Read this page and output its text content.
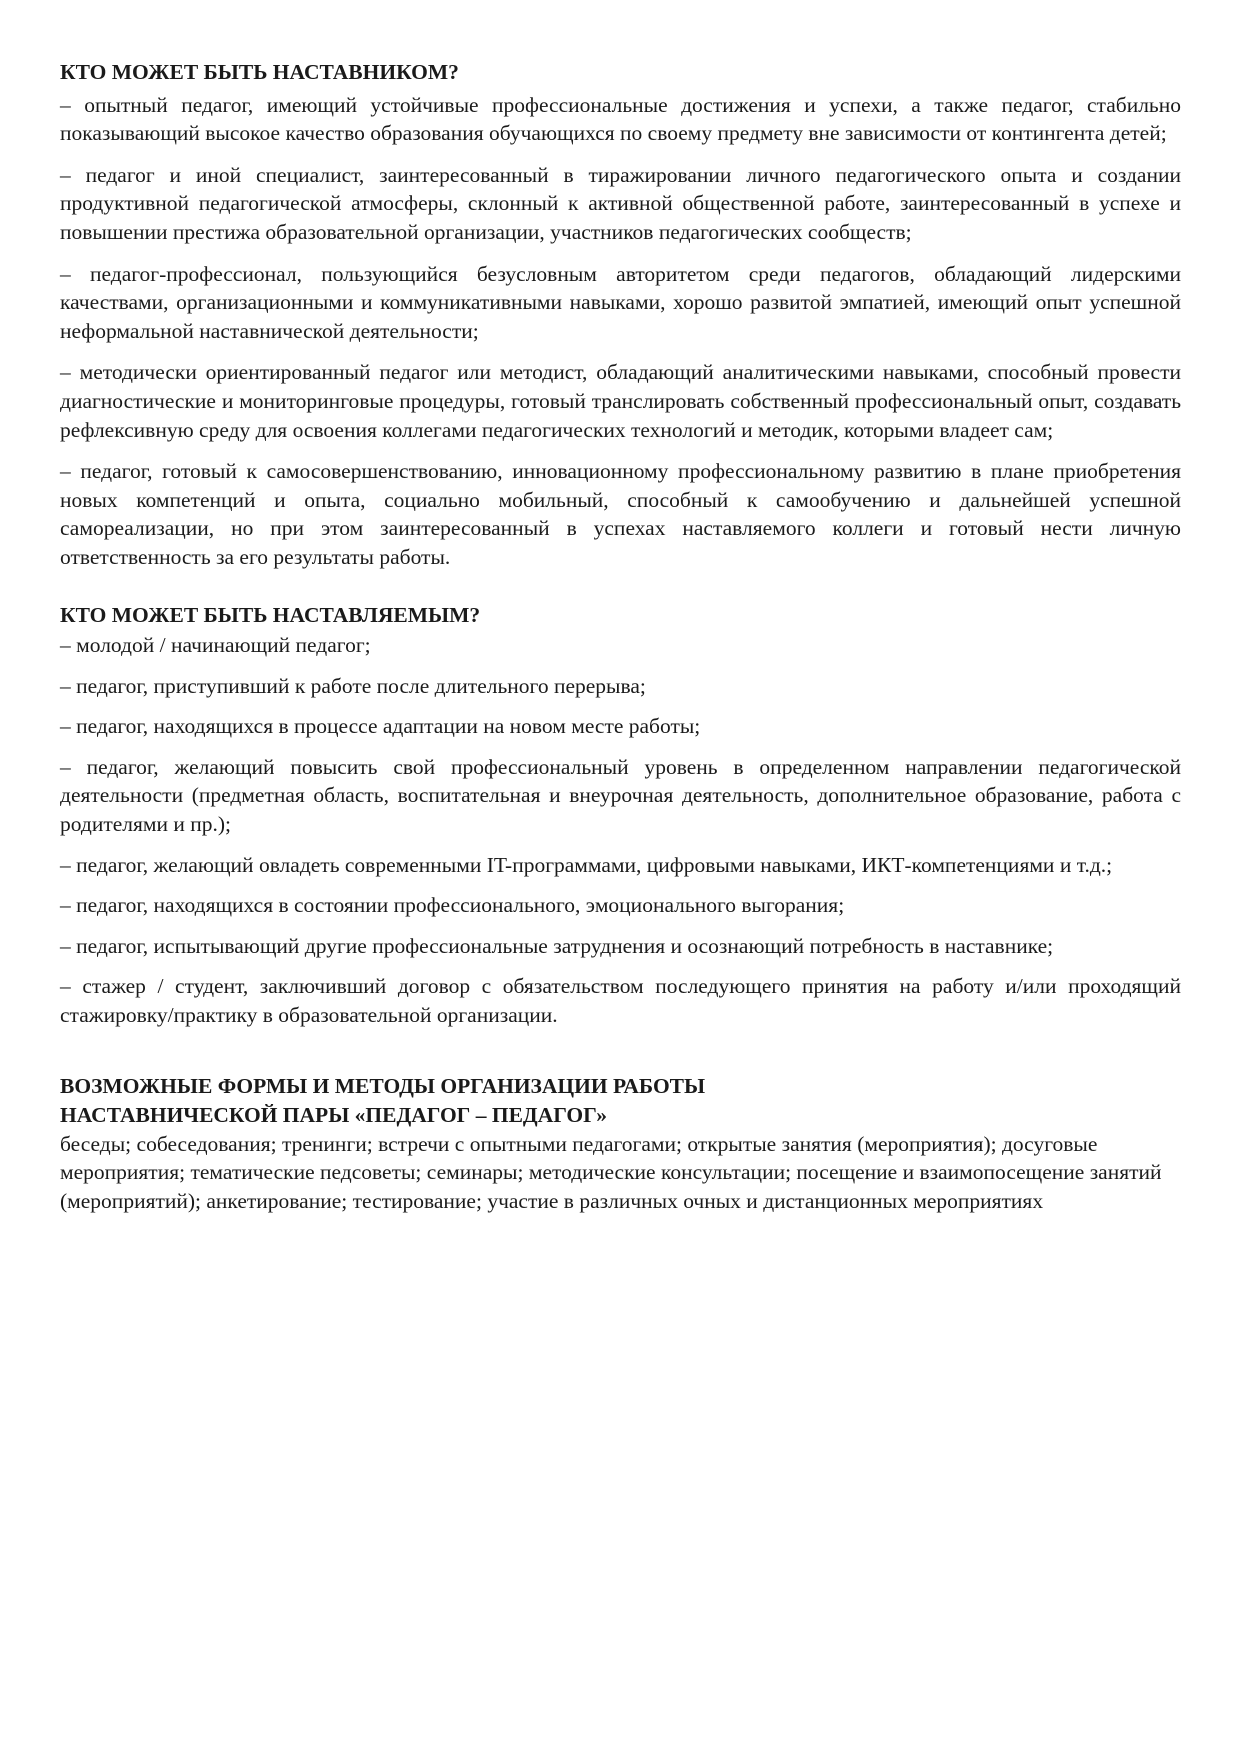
КТО МОЖЕТ БЫТЬ НАСТАВНИКОМ?

– опытный педагог, имеющий устойчивые профессиональные достижения и успехи, а также педагог, стабильно показывающий высокое качество образования обучающихся по своему предмету вне зависимости от контингента детей;

– педагог и иной специалист, заинтересованный в тиражировании личного педагогического опыта и создании продуктивной педагогической атмосферы, склонный к активной общественной работе, заинтересованный в успехе и повышении престижа образовательной организации, участников педагогических сообществ;

– педагог-профессионал, пользующийся безусловным авторитетом среди педагогов, обладающий лидерскими качествами, организационными и коммуникативными навыками, хорошо развитой эмпатией, имеющий опыт успешной неформальной наставнической деятельности;

– методически ориентированный педагог или методист, обладающий аналитическими навыками, способный провести диагностические и мониторинговые процедуры, готовый транслировать собственный профессиональный опыт, создавать рефлексивную среду для освоения коллегами педагогических технологий и методик, которыми владеет сам;

– педагог, готовый к самосовершенствованию, инновационному профессиональному развитию в плане приобретения новых компетенций и опыта, социально мобильный, способный к самообучению и дальнейшей успешной самореализации, но при этом заинтересованный в успехах наставляемого коллеги и готовый нести личную ответственность за его результаты работы.

КТО МОЖЕТ БЫТЬ НАСТАВЛЯЕМЫМ?

– молодой / начинающий педагог;

– педагог, приступивший к работе после длительного перерыва;

– педагог, находящихся в процессе адаптации на новом месте работы;

– педагог, желающий повысить свой профессиональный уровень в определенном направлении педагогической деятельности (предметная область, воспитательная и внеурочная деятельность, дополнительное образование, работа с родителями и пр.);

– педагог, желающий овладеть современными IT-программами, цифровыми навыками, ИКТ-компетенциями и т.д.;

– педагог, находящихся в состоянии профессионального, эмоционального выгорания;

– педагог, испытывающий другие профессиональные затруднения и осознающий потребность в наставнике;

– стажер / студент, заключивший договор с обязательством последующего принятия на работу и/или проходящий стажировку/практику в образовательной организации.

ВОЗМОЖНЫЕ ФОРМЫ И МЕТОДЫ ОРГАНИЗАЦИИ РАБОТЫ

НАСТАВНИЧЕСКОЙ ПАРЫ «ПЕДАГОГ – ПЕДАГОГ»

беседы; собеседования; тренинги; встречи с опытными педагогами; открытые занятия (мероприятия); досуговые мероприятия; тематические педсоветы; семинары; методические консультации; посещение и взаимопосещение занятий (мероприятий); анкетирование; тестирование; участие в различных очных и дистанционных мероприятиях
